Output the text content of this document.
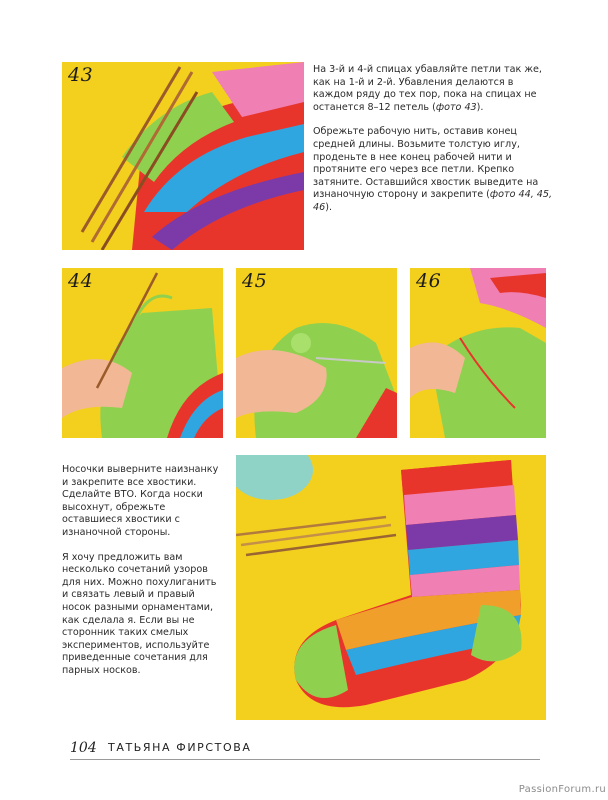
43	На 3-й и 4-й спицах убавляйте петли так же, как на 1-й и 2-й. Убавления делаются в каждом ряду до тех пор, пока на спицах не останется 8–12 петель (фото 43).

Обрежьте рабочую нить, оставив конец средней длины. Возьмите толстую иглу, проденьте в нее конец рабочей нити и протяните его через все петли. Крепко затяните. Оставшийся хвостик выведите на изнаночную сторону и закрепите (фото 44, 45, 46).

44	45	46

Носочки выверните наизнанку и закрепите все хвостики. Сделайте ВТО. Когда носки высохнут, обрежьте оставшиеся хвостики с изнаночной стороны.

Я хочу предложить вам несколько сочетаний узоров для них. Можно похулиганить и связать левый и правый носок разными орнаментами, как сделала я. Если вы не сторонник таких смелых экспериментов, используйте приведенные сочетания для парных носков.

104 ТАТЬЯНА ФИРСТОВА
PassionForum.ru
